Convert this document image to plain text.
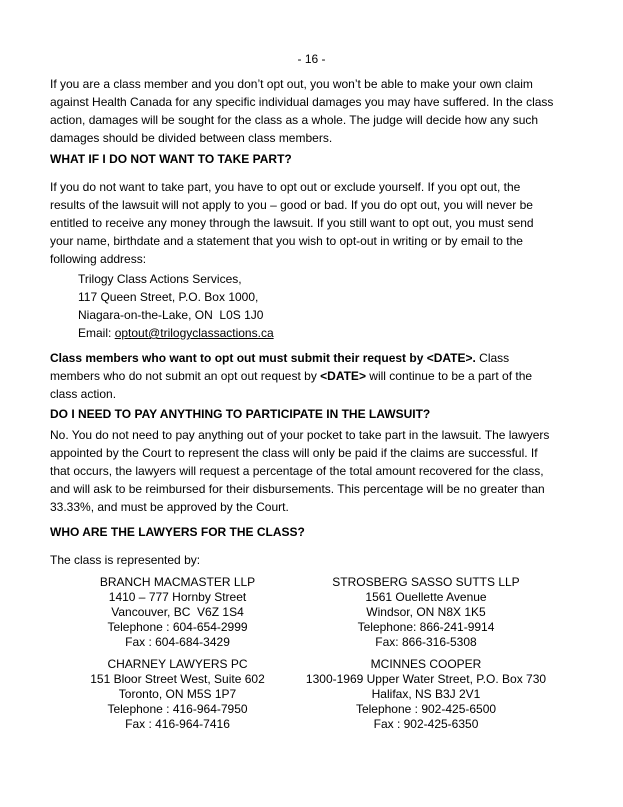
- 16 -
If you are a class member and you don’t opt out, you won’t be able to make your own claim
against Health Canada for any specific individual damages you may have suffered. In the class
action, damages will be sought for the class as a whole. The judge will decide how any such
damages should be divided between class members.
WHAT IF I DO NOT WANT TO TAKE PART?
If you do not want to take part, you have to opt out or exclude yourself. If you opt out, the
results of the lawsuit will not apply to you – good or bad. If you do opt out, you will never be
entitled to receive any money through the lawsuit. If you still want to opt out, you must send
your name, birthdate and a statement that you wish to opt-out in writing or by email to the
following address:
Trilogy Class Actions Services,
117 Queen Street, P.O. Box 1000,
Niagara-on-the-Lake, ON  L0S 1J0
Email: optout@trilogyclassactions.ca
Class members who want to opt out must submit their request by <DATE>. Class
members who do not submit an opt out request by <DATE> will continue to be a part of the
class action.
DO I NEED TO PAY ANYTHING TO PARTICIPATE IN THE LAWSUIT?
No. You do not need to pay anything out of your pocket to take part in the lawsuit. The lawyers
appointed by the Court to represent the class will only be paid if the claims are successful. If
that occurs, the lawyers will request a percentage of the total amount recovered for the class,
and will ask to be reimbursed for their disbursements. This percentage will be no greater than
33.33%, and must be approved by the Court.
WHO ARE THE LAWYERS FOR THE CLASS?
The class is represented by:
BRANCH MACMASTER LLP
1410 – 777 Hornby Street
Vancouver, BC  V6Z 1S4
Telephone : 604-654-2999
Fax : 604-684-3429
STROSBERG SASSO SUTTS LLP
1561 Ouellette Avenue
Windsor, ON N8X 1K5
Telephone: 866-241-9914
Fax: 866-316-5308
CHARNEY LAWYERS PC
151 Bloor Street West, Suite 602
Toronto, ON M5S 1P7
Telephone : 416-964-7950
Fax : 416-964-7416
MCINNES COOPER
1300-1969 Upper Water Street, P.O. Box 730
Halifax, NS B3J 2V1
Telephone : 902-425-6500
Fax : 902-425-6350
